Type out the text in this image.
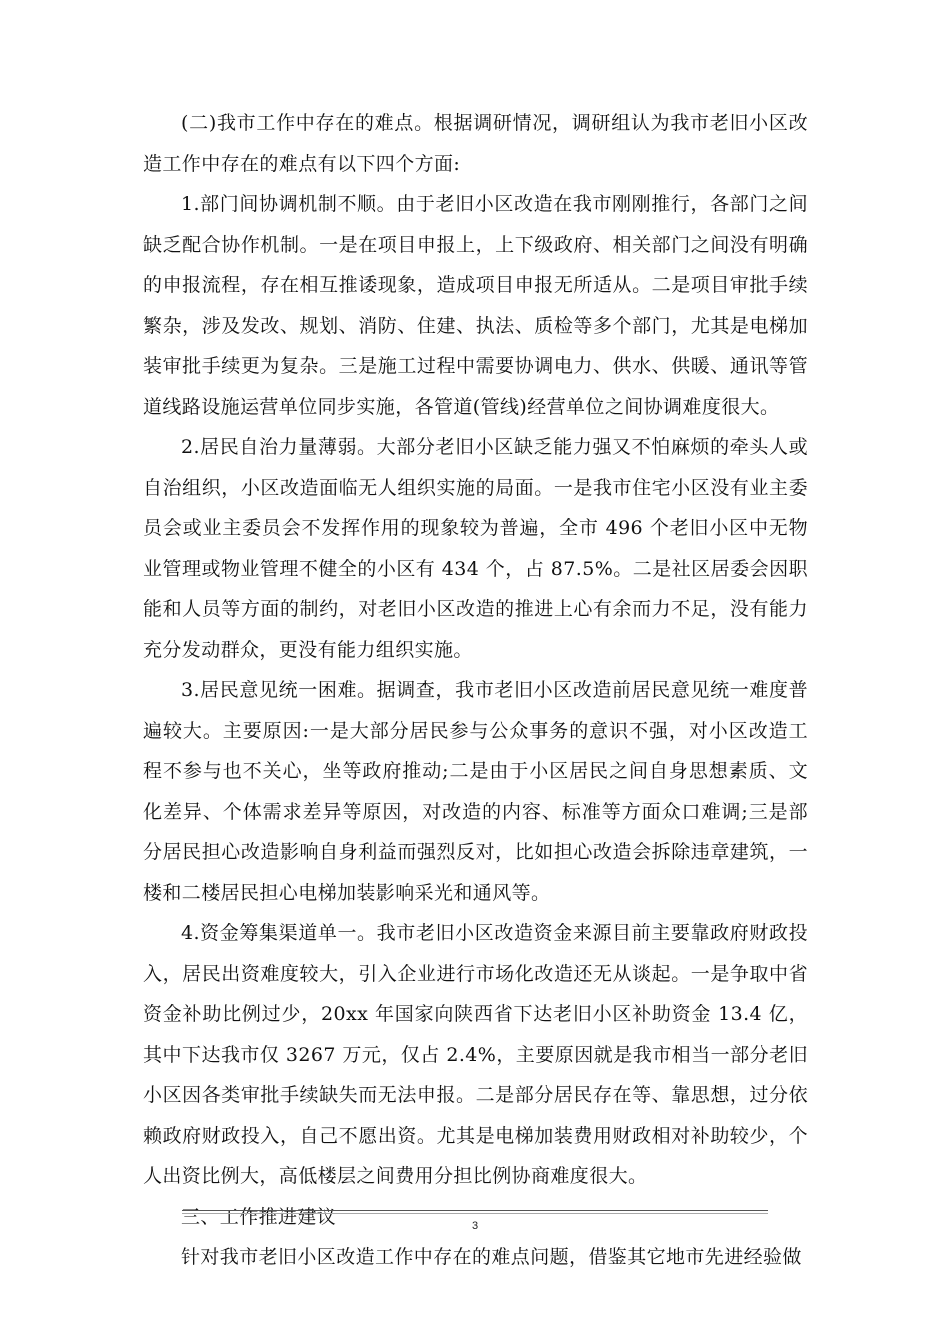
(二)我市工作中存在的难点。根据调研情况，调研组认为我市老旧小区改造工作中存在的难点有以下四个方面:

1.部门间协调机制不顺。由于老旧小区改造在我市刚刚推行，各部门之间缺乏配合协作机制。一是在项目申报上，上下级政府、相关部门之间没有明确的申报流程，存在相互推诿现象，造成项目申报无所适从。二是项目审批手续繁杂，涉及发改、规划、消防、住建、执法、质检等多个部门，尤其是电梯加装审批手续更为复杂。三是施工过程中需要协调电力、供水、供暖、通讯等管道线路设施运营单位同步实施，各管道(管线)经营单位之间协调难度很大。

2.居民自治力量薄弱。大部分老旧小区缺乏能力强又不怕麻烦的牵头人或自治组织，小区改造面临无人组织实施的局面。一是我市住宅小区没有业主委员会或业主委员会不发挥作用的现象较为普遍，全市 496 个老旧小区中无物业管理或物业管理不健全的小区有 434 个，占 87.5%。二是社区居委会因职能和人员等方面的制约，对老旧小区改造的推进上心有余而力不足，没有能力充分发动群众，更没有能力组织实施。

3.居民意见统一困难。据调查，我市老旧小区改造前居民意见统一难度普遍较大。主要原因:一是大部分居民参与公众事务的意识不强，对小区改造工程不参与也不关心，坐等政府推动;二是由于小区居民之间自身思想素质、文化差异、个体需求差异等原因，对改造的内容、标准等方面众口难调;三是部分居民担心改造影响自身利益而强烈反对，比如担心改造会拆除违章建筑，一楼和二楼居民担心电梯加装影响采光和通风等。

4.资金筹集渠道单一。我市老旧小区改造资金来源目前主要靠政府财政投入，居民出资难度较大，引入企业进行市场化改造还无从谈起。一是争取中省资金补助比例过少，20xx 年国家向陕西省下达老旧小区补助资金 13.4 亿，其中下达我市仅 3267 万元，仅占 2.4%，主要原因就是我市相当一部分老旧小区因各类审批手续缺失而无法申报。二是部分居民存在等、靠思想，过分依赖政府财政投入，自己不愿出资。尤其是电梯加装费用财政相对补助较少，个人出资比例大，高低楼层之间费用分担比例协商难度很大。

三、工作推进建议

针对我市老旧小区改造工作中存在的难点问题，借鉴其它地市先进经验做

3
